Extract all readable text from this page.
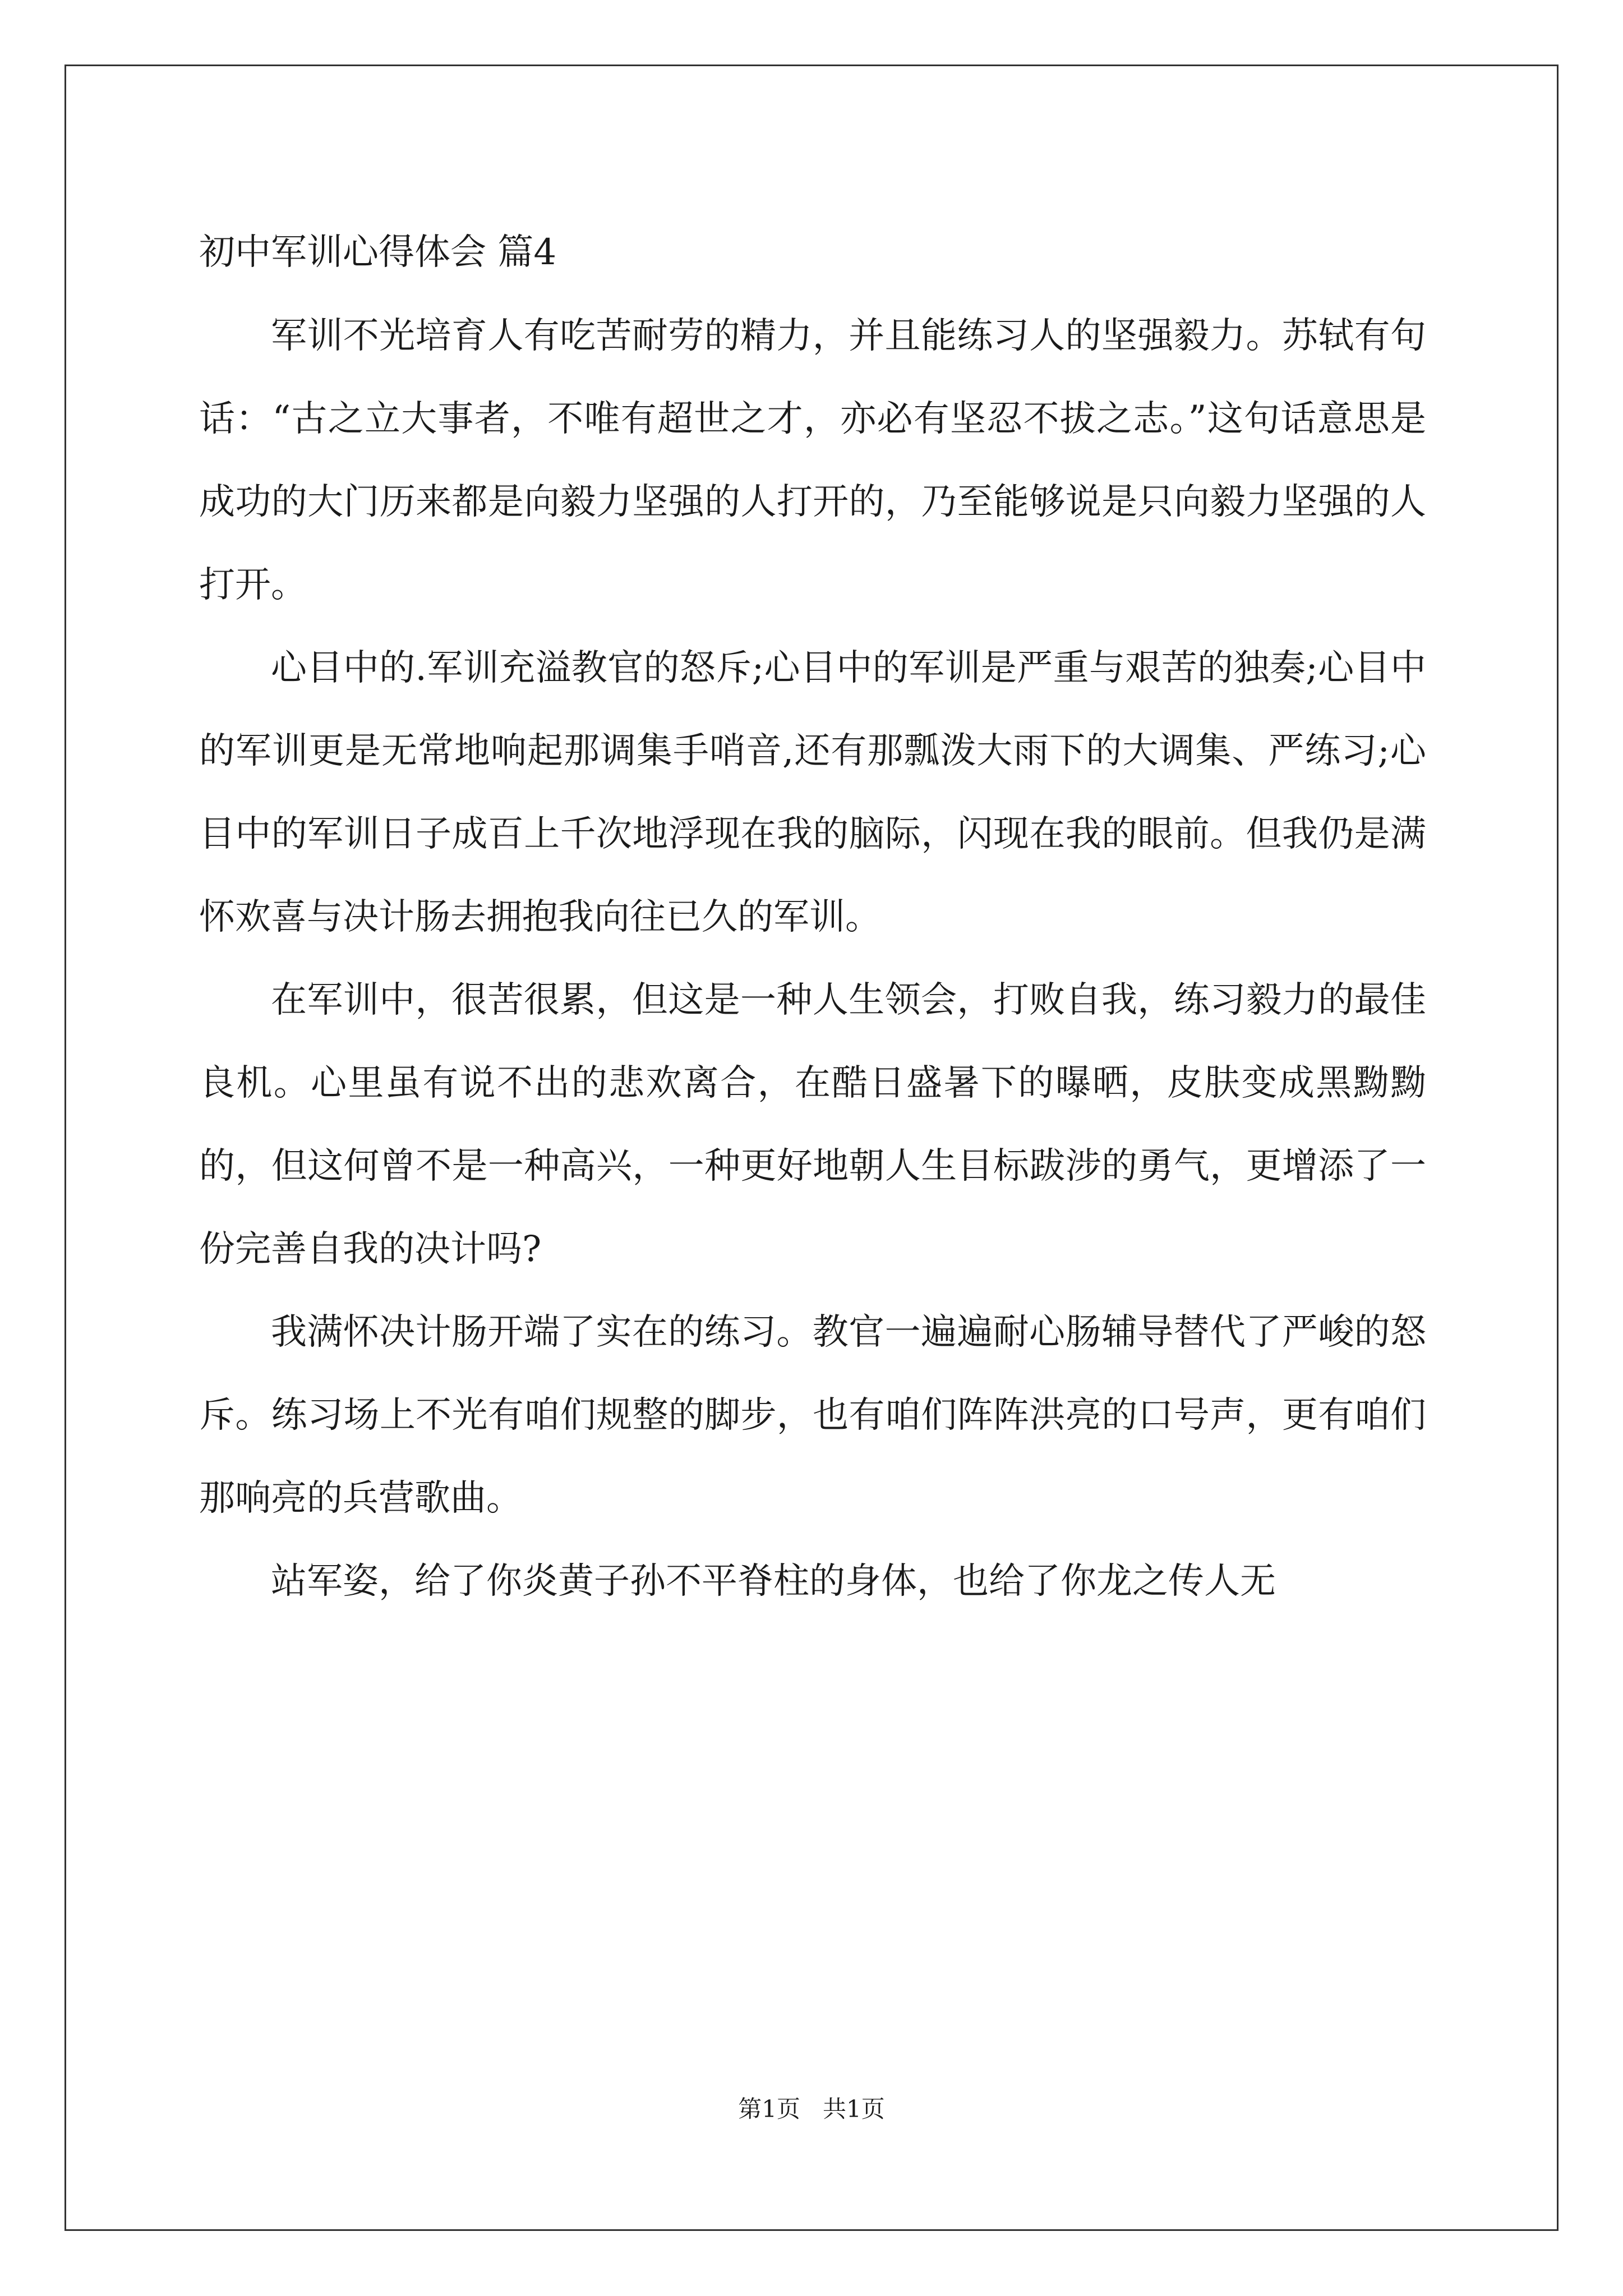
初中军训心得体会 篇4

军训不光培育人有吃苦耐劳的精力，并且能练习人的坚强毅力。苏轼有句话：“古之立大事者，不唯有超世之才，亦必有坚忍不拔之志。”这句话意思是成功的大门历来都是向毅力坚强的人打开的，乃至能够说是只向毅力坚强的人打开。

心目中的.军训充溢教官的怒斥;心目中的军训是严重与艰苦的独奏;心目中的军训更是无常地响起那调集手哨音,还有那瓢泼大雨下的大调集、严练习;心目中的军训日子成百上千次地浮现在我的脑际，闪现在我的眼前。但我仍是满怀欢喜与决计肠去拥抱我向往已久的军训。

在军训中，很苦很累，但这是一种人生领会，打败自我，练习毅力的最佳良机。心里虽有说不出的悲欢离合，在酷日盛暑下的曝晒，皮肤变成黑黝黝的，但这何曾不是一种高兴，一种更好地朝人生目标跋涉的勇气，更增添了一份完善自我的决计吗?

我满怀决计肠开端了实在的练习。教官一遍遍耐心肠辅导替代了严峻的怒斥。练习场上不光有咱们规整的脚步，也有咱们阵阵洪亮的口号声，更有咱们那响亮的兵营歌曲。

站军姿，给了你炎黄子孙不平脊柱的身体，也给了你龙之传人无

第1页 共1页
